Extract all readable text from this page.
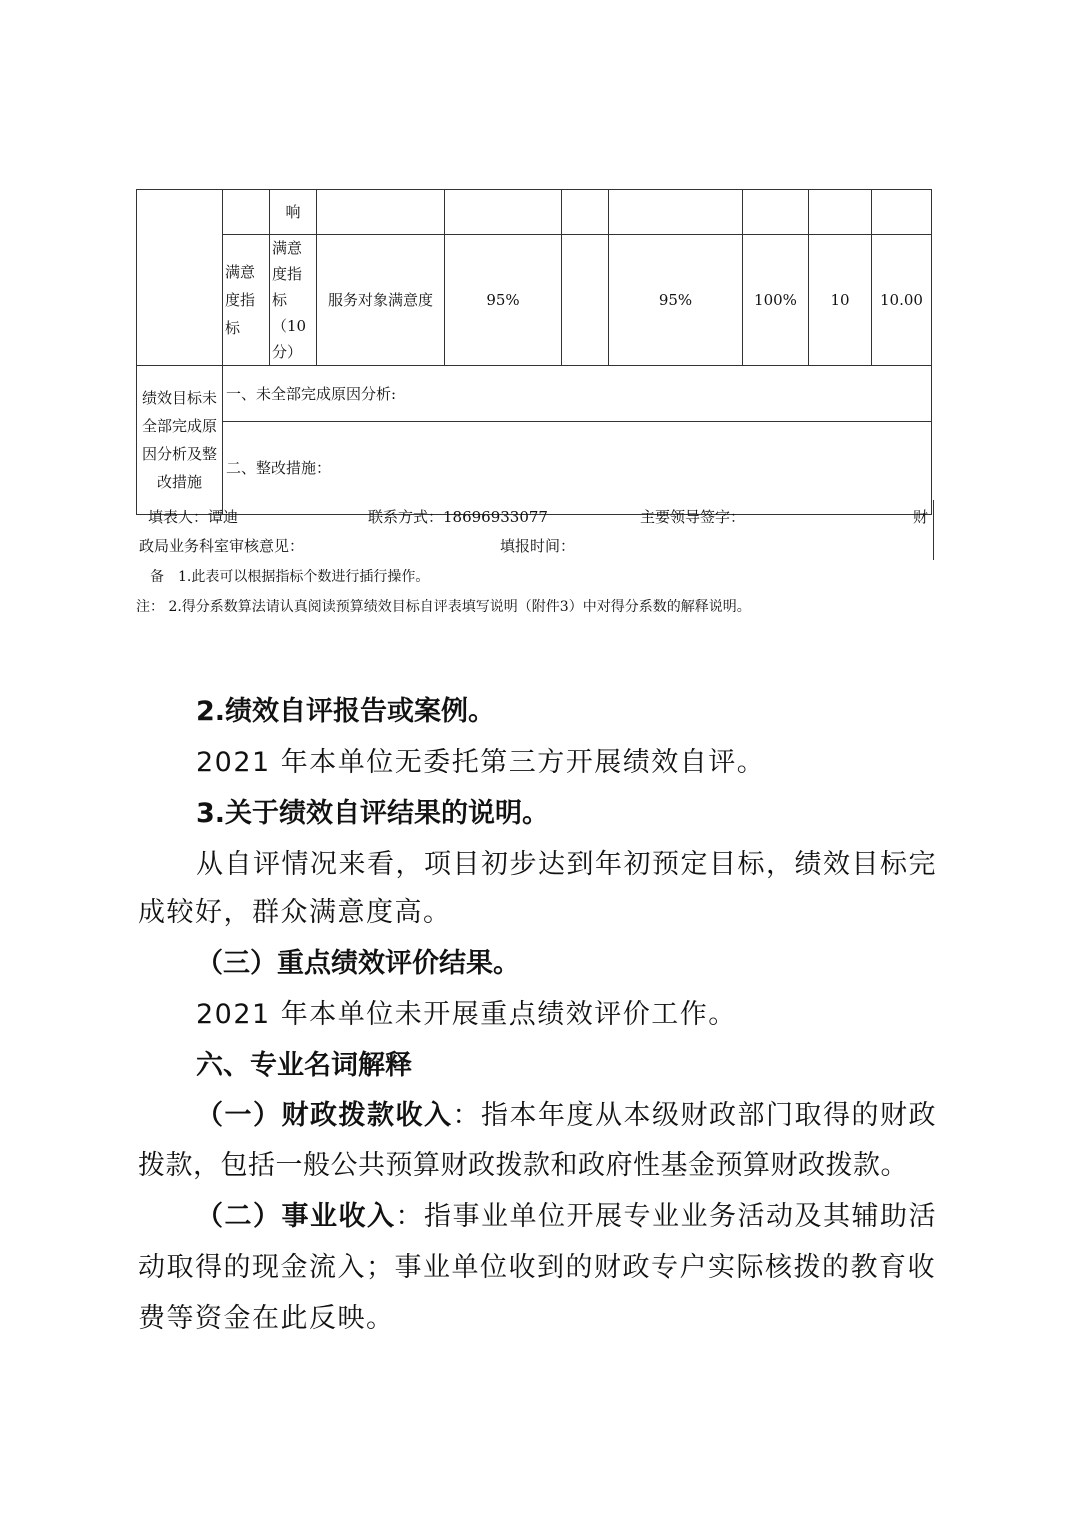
		响							
	满意度指标	满意度指标（10分）	服务对象满意度	95%		95%	100%	10	10.00
绩效目标未全部完成原因分析及整改措施	一、未全部完成原因分析:								
	二、整改措施：								
填表人：谭迪	联系方式：18696933077	主要领导签字：	财
政局业务科室审核意见：	填报时间：
备　1.此表可以根据指标个数进行插行操作。
注： 2.得分系数算法请认真阅读预算绩效目标自评表填写说明（附件3）中对得分系数的解释说明。
2.绩效自评报告或案例。
2021 年本单位无委托第三方开展绩效自评。
3.关于绩效自评结果的说明。
从自评情况来看，项目初步达到年初预定目标，绩效目标完
成较好，群众满意度高。
（三）重点绩效评价结果。
2021 年本单位未开展重点绩效评价工作。
六、专业名词解释
（一）财政拨款收入：指本年度从本级财政部门取得的财政
拨款，包括一般公共预算财政拨款和政府性基金预算财政拨款。
（二）事业收入：指事业单位开展专业业务活动及其辅助活
动取得的现金流入；事业单位收到的财政专户实际核拨的教育收
费等资金在此反映。
